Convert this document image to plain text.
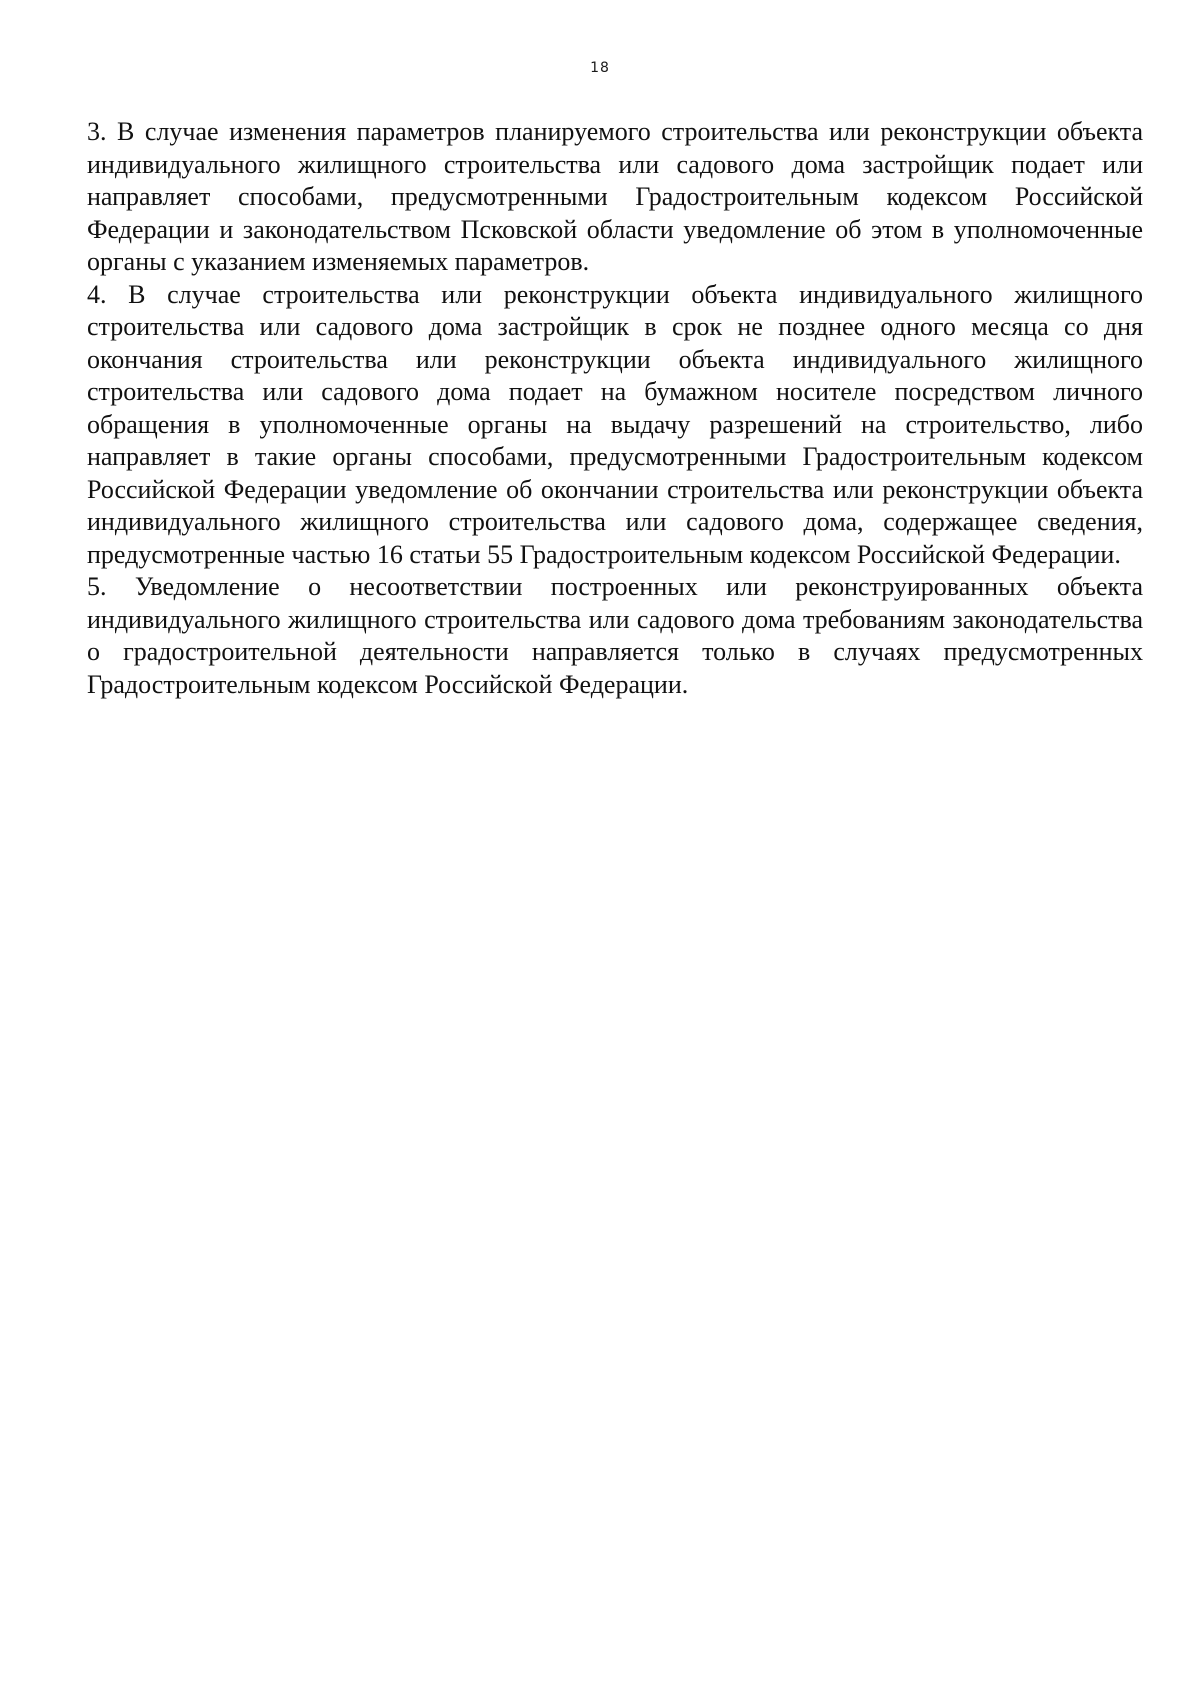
18

3. В случае изменения параметров планируемого строительства или реконструкции объекта индивидуального жилищного строительства или садового дома застройщик подает или направляет способами, предусмотренными Градостроительным кодексом Российской Федерации и законодательством Псковской области уведомление об этом в уполномоченные органы с указанием изменяемых параметров.

4. В случае строительства или реконструкции объекта индивидуального жилищного строительства или садового дома застройщик в срок не позднее одного месяца со дня окончания строительства или реконструкции объекта индивидуального жилищного строительства или садового дома подает на бумажном носителе посредством личного обращения в уполномоченные органы на выдачу разрешений на строительство, либо направляет в такие органы способами, предусмотренными Градостроительным кодексом Российской Федерации уведомление об окончании строительства или реконструкции объекта индивидуального жилищного строительства или садового дома, содержащее сведения, предусмотренные частью 16 статьи 55 Градостроительным кодексом Российской Федерации.

5. Уведомление о несоответствии построенных или реконструированных объекта индивидуального жилищного строительства или садового дома требованиям законодательства о градостроительной деятельности направляется только в случаях предусмотренных Градостроительным кодексом Российской Федерации.
